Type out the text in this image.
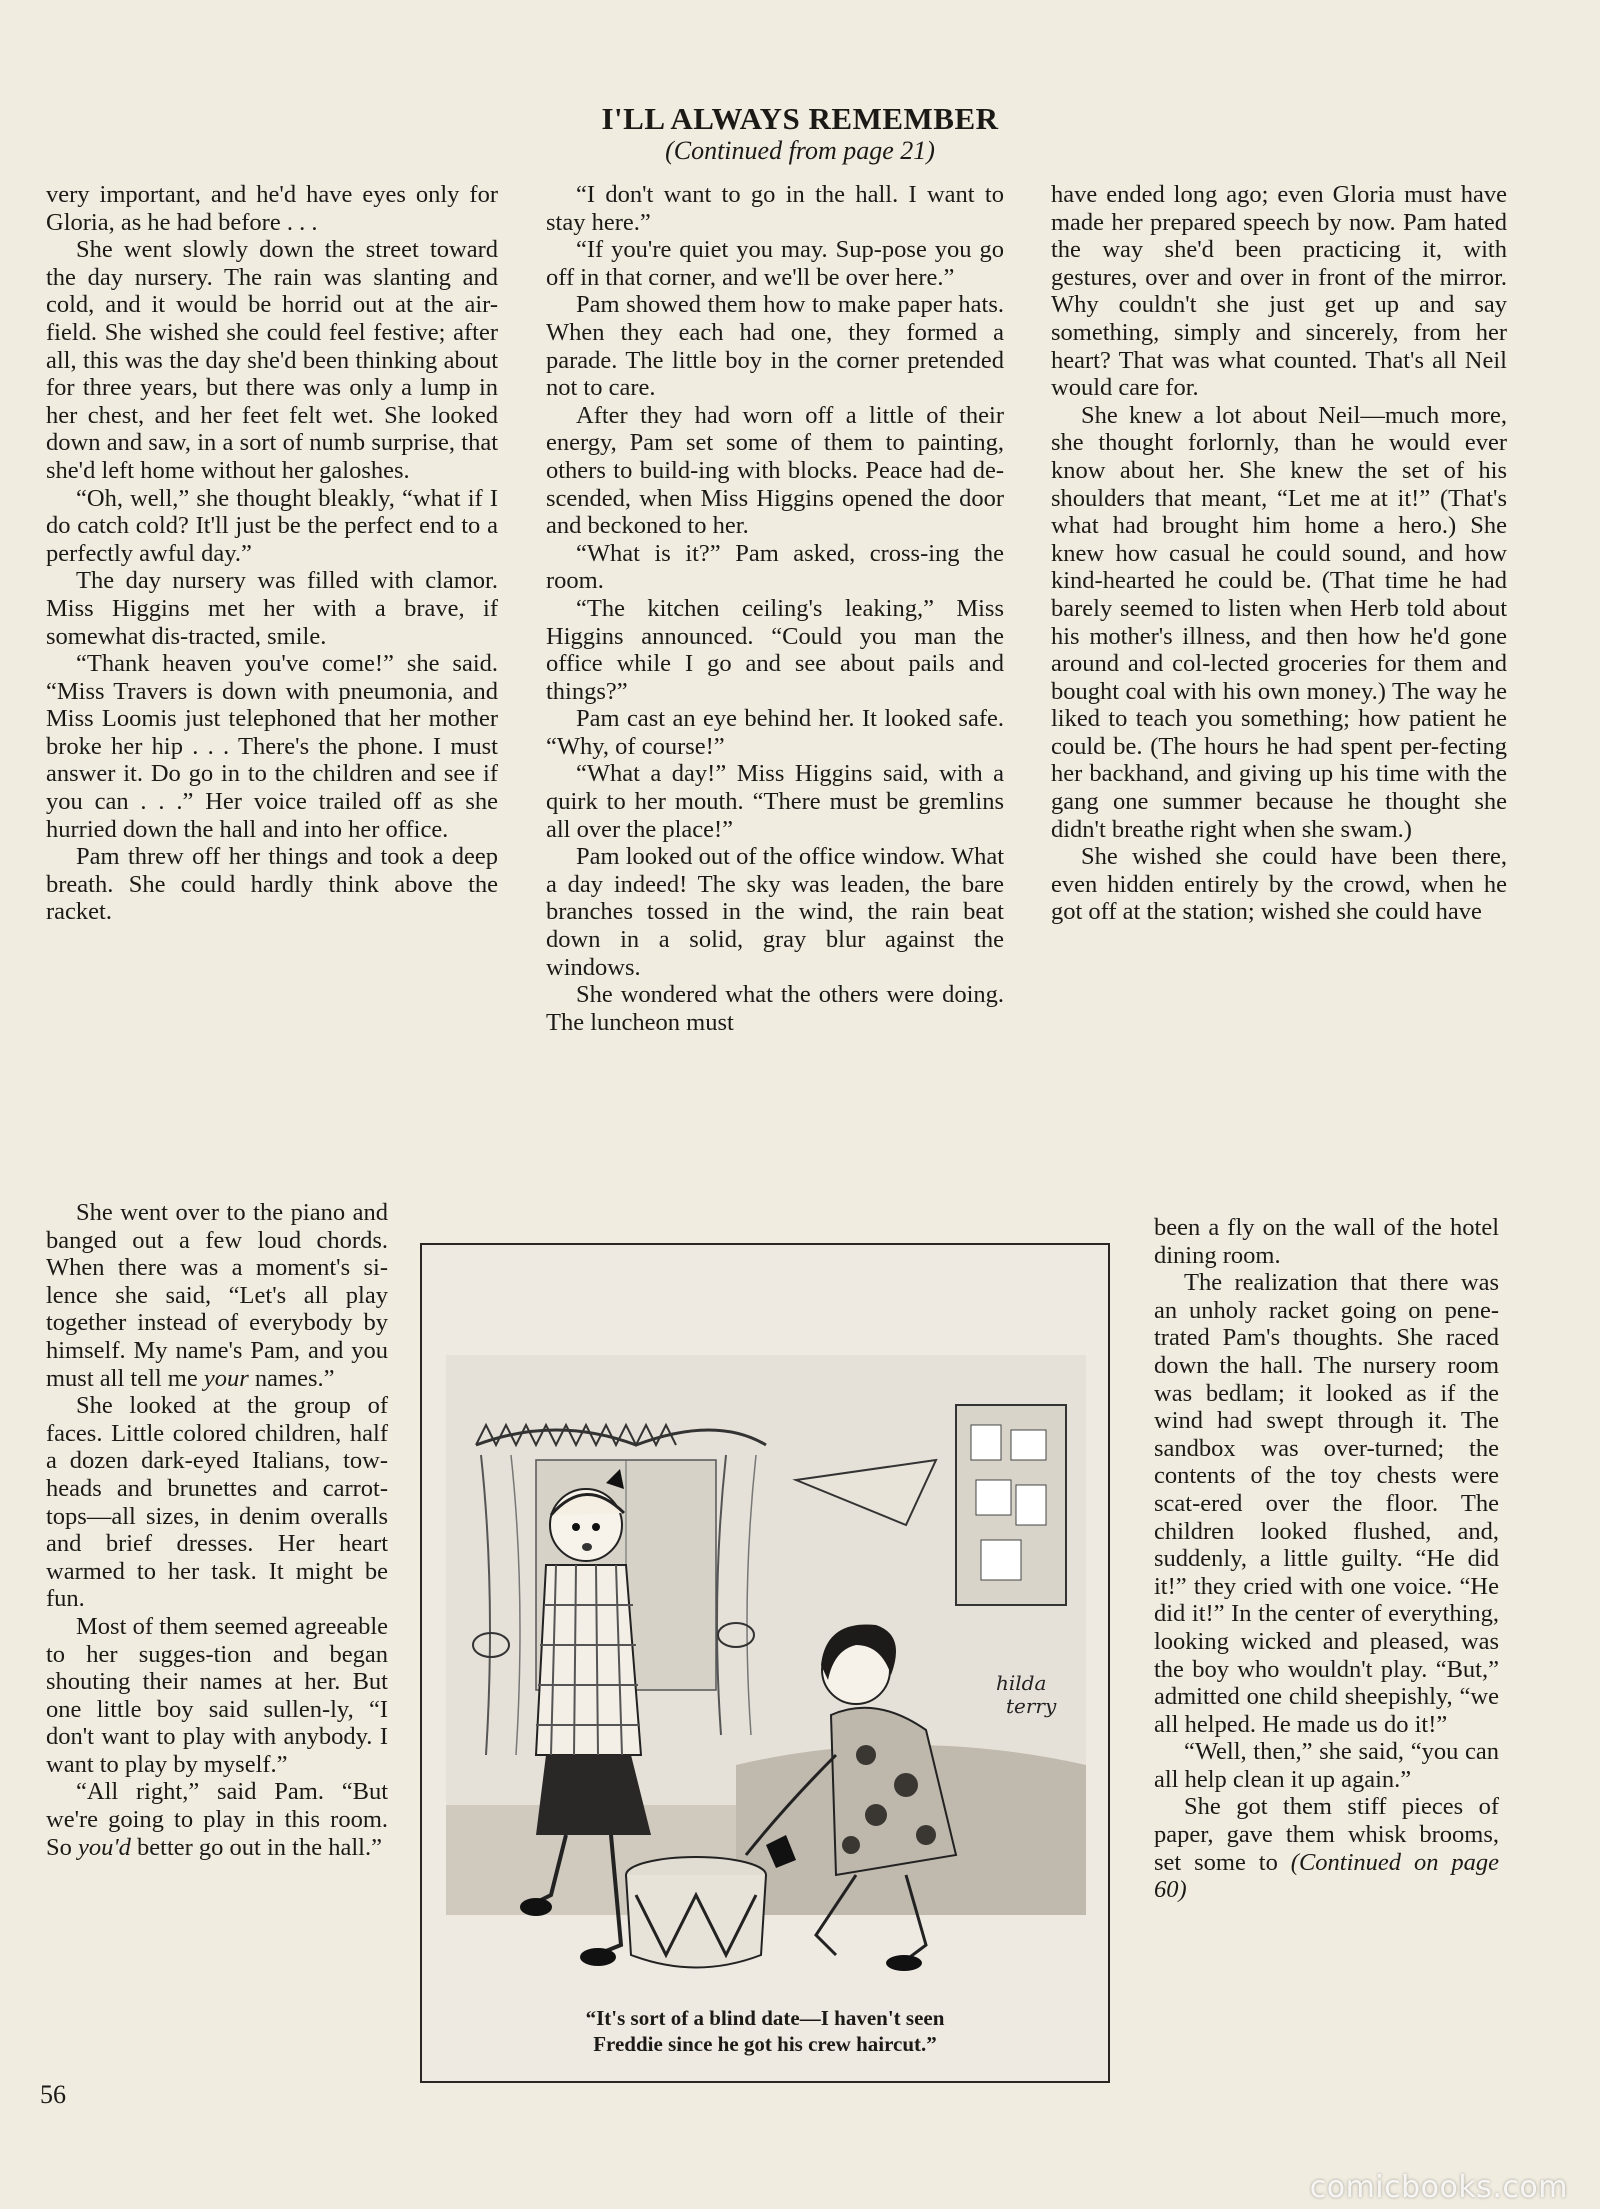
I'LL ALWAYS REMEMBER
(Continued from page 21)

very important, and he'd have eyes only for Gloria, as he had before . . .

She went slowly down the street toward the day nursery. The rain was slanting and cold, and it would be horrid out at the air-field. She wished she could feel festive; after all, this was the day she'd been thinking about for three years, but there was only a lump in her chest, and her feet felt wet. She looked down and saw, in a sort of numb surprise, that she'd left home without her galoshes.

“Oh, well,” she thought bleakly, “what if I do catch cold? It'll just be the perfect end to a perfectly awful day.”

The day nursery was filled with clamor. Miss Higgins met her with a brave, if somewhat dis-tracted, smile.

“Thank heaven you've come!” she said. “Miss Travers is down with pneumonia, and Miss Loomis just telephoned that her mother broke her hip . . . There's the phone. I must answer it. Do go in to the children and see if you can . . .” Her voice trailed off as she hurried down the hall and into her office.

Pam threw off her things and took a deep breath. She could hardly think above the racket.

She went over to the piano and banged out a few loud chords. When there was a moment's si-lence she said, “Let's all play together instead of everybody by himself. My name's Pam, and you must all tell me your names.”

She looked at the group of faces. Little colored children, half a dozen dark-eyed Italians, tow-heads and brunettes and carrot-tops—all sizes, in denim overalls and brief dresses. Her heart warmed to her task. It might be fun.

Most of them seemed agreeable to her sugges-tion and began shouting their names at her. But one little boy said sullen-ly, “I don't want to play with anybody. I want to play by myself.”

“All right,” said Pam. “But we're going to play in this room. So you'd better go out in the hall.”

“I don't want to go in the hall. I want to stay here.”

“If you're quiet you may. Sup-pose you go off in that corner, and we'll be over here.”

Pam showed them how to make paper hats. When they each had one, they formed a parade. The little boy in the corner pretended not to care.

After they had worn off a little of their energy, Pam set some of them to painting, others to build-ing with blocks. Peace had de-scended, when Miss Higgins opened the door and beckoned to her.

“What is it?” Pam asked, cross-ing the room.

“The kitchen ceiling's leaking,” Miss Higgins announced. “Could you man the office while I go and see about pails and things?”

Pam cast an eye behind her. It looked safe. “Why, of course!”

“What a day!” Miss Higgins said, with a quirk to her mouth. “There must be gremlins all over the place!”

Pam looked out of the office window. What a day indeed! The sky was leaden, the bare branches tossed in the wind, the rain beat down in a solid, gray blur against the windows.

She wondered what the others were doing. The luncheon must

have ended long ago; even Gloria must have made her prepared speech by now. Pam hated the way she'd been practicing it, with gestures, over and over in front of the mirror. Why couldn't she just get up and say something, simply and sincerely, from her heart? That was what counted. That's all Neil would care for.

She knew a lot about Neil—much more, she thought forlornly, than he would ever know about her. She knew the set of his shoulders that meant, “Let me at it!” (That's what had brought him home a hero.) She knew how casual he could sound, and how kind-hearted he could be. (That time he had barely seemed to listen when Herb told about his mother's illness, and then how he'd gone around and col-lected groceries for them and bought coal with his own money.) The way he liked to teach you something; how patient he could be. (The hours he had spent per-fecting her backhand, and giving up his time with the gang one summer because he thought she didn't breathe right when she swam.)

She wished she could have been there, even hidden entirely by the crowd, when he got off at the station; wished she could have

been a fly on the wall of the hotel dining room.

The realization that there was an unholy racket going on pene-trated Pam's thoughts. She raced down the hall. The nursery room was bedlam; it looked as if the wind had swept through it. The sandbox was over-turned; the contents of the toy chests were scat-ered over the floor. The children looked flushed, and, suddenly, a little guilty. “He did it!” they cried with one voice. “He did it!” In the center of everything, looking wicked and pleased, was the boy who wouldn't play. “But,” admitted one child sheepishly, “we all helped. He made us do it!”

“Well, then,” she said, “you can all help clean it up again.”

She got them stiff pieces of paper, gave them whisk brooms, set some to (Continued on page 60)

hilda
terry
“It's sort of a blind date—I haven't seen
Freddie since he got his crew haircut.”
56
comicbooks.com
